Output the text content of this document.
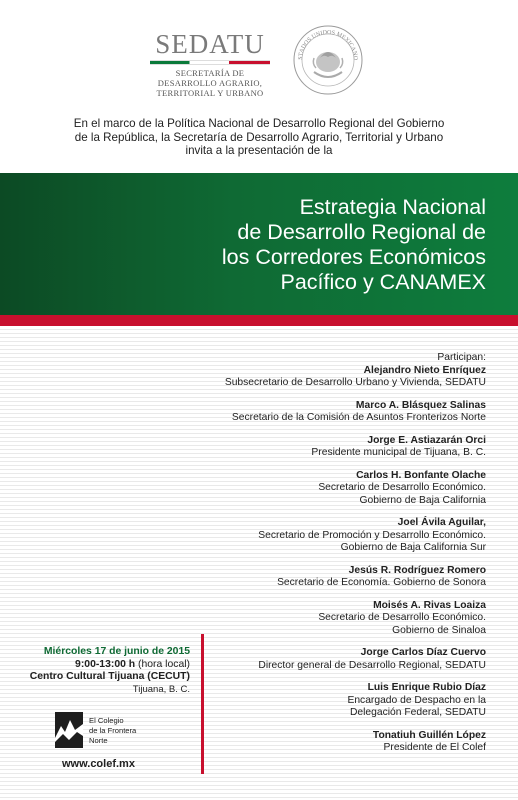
SEDATU
SECRETARÍA DE
DESARROLLO AGRARIO,
TERRITORIAL Y URBANO
STADOS UNIDOS MEXICANO
En el marco de la Política Nacional de Desarrollo Regional del Gobierno
de la República, la Secretaría de Desarrollo Agrario, Territorial y Urbano
invita a la presentación de la
Estrategia Nacional
de Desarrollo Regional de
los Corredores Económicos
Pacífico y CANAMEX
Participan:
Alejandro Nieto Enríquez
Subsecretario de Desarrollo Urbano y Vivienda, SEDATU
Marco A. Blásquez Salinas
Secretario de la Comisión de Asuntos Fronterizos Norte
Jorge E. Astiazarán Orci
Presidente municipal de Tijuana, B. C.
Carlos H. Bonfante Olache
Secretario de Desarrollo Económico.
Gobierno de Baja California
Joel Ávila Aguilar,
Secretario de Promoción y Desarrollo Económico.
Gobierno de Baja California Sur
Jesús R. Rodríguez Romero
Secretario de Economía. Gobierno de Sonora
Moisés A. Rivas Loaiza
Secretario de Desarrollo Económico.
Gobierno de Sinaloa
Jorge Carlos Díaz Cuervo
Director general de Desarrollo Regional, SEDATU
Luis Enrique Rubio Díaz
Encargado de Despacho en la
Delegación Federal, SEDATU
Tonatiuh Guillén López
Presidente de El Colef
Miércoles 17 de junio de 2015
9:00-13:00 h (hora local)
Centro Cultural Tijuana (CECUT)
Tijuana, B. C.
El Colegio
de la Frontera
Norte
www.colef.mx
